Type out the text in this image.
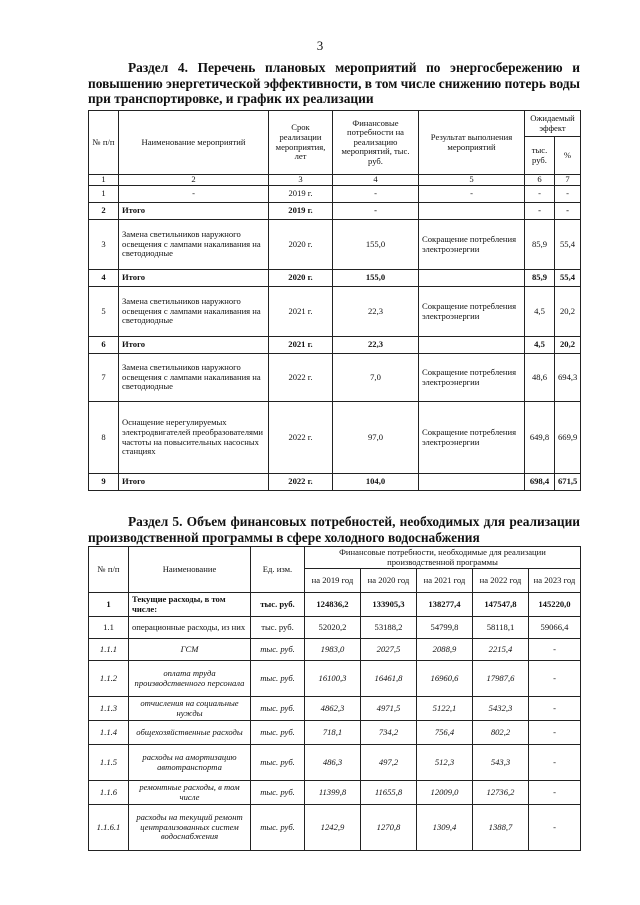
3
Раздел 4. Перечень плановых мероприятий по энергосбережению и повышению энергетической эффективности, в том числе снижению потерь воды при транспортировке, и график их реализации
№ п/п	Наименование мероприятий	Срок реализации мероприятия, лет	Финансовые потребности на реализацию мероприятий, тыс. руб.	Результат выполнения мероприятий	Ожидаемый эффект	
					тыс. руб.	%
1	2	3	4	5	6	7
1	-	2019 г.	-	-	-	-
2	Итого	2019 г.	-		-	-
3	Замена светильников наружного освещения с лампами накаливания на светодиодные	2020 г.	155,0	Сокращение потребления электроэнергии	85,9	55,4
4	Итого	2020 г.	155,0		85,9	55,4
5	Замена светильников наружного освещения с лампами накаливания на светодиодные	2021 г.	22,3	Сокращение потребления электроэнергии	4,5	20,2
6	Итого	2021 г.	22,3		4,5	20,2
7	Замена светильников наружного освещения с лампами накаливания на светодиодные	2022 г.	7,0	Сокращение потребления электроэнергии	48,6	694,3
8	Оснащение нерегулируемых электродвигателей преобразователями частоты на повысительных насосных станциях	2022 г.	97,0	Сокращение потребления электроэнергии	649,8	669,9
9	Итого	2022 г.	104,0		698,4	671,5
Раздел 5. Объем финансовых потребностей, необходимых для реализации производственной программы в сфере холодного водоснабжения
№ п/п	Наименование	Ед. изм.	Финансовые потребности, необходимые для реализации производственной программы				
			на 2019 год	на 2020 год	на 2021 год	на 2022 год	на 2023 год
1	Текущие расходы, в том числе:	тыс. руб.	124836,2	133905,3	138277,4	147547,8	145220,0
1.1	операционные расходы, из них	тыс. руб.	52020,2	53188,2	54799,8	58118,1	59066,4
1.1.1	ГСМ	тыс. руб.	1983,0	2027,5	2088,9	2215,4	-
1.1.2	оплата труда производственного персонала	тыс. руб.	16100,3	16461,8	16960,6	17987,6	-
1.1.3	отчисления на социальные нужды	тыс. руб.	4862,3	4971,5	5122,1	5432,3	-
1.1.4	общехозяйственные расходы	тыс. руб.	718,1	734,2	756,4	802,2	-
1.1.5	расходы на амортизацию автотранспорта	тыс. руб.	486,3	497,2	512,3	543,3	-
1.1.6	ремонтные расходы, в том числе	тыс. руб.	11399,8	11655,8	12009,0	12736,2	-
1.1.6.1	расходы на текущий ремонт централизованных систем водоснабжения	тыс. руб.	1242,9	1270,8	1309,4	1388,7	-
